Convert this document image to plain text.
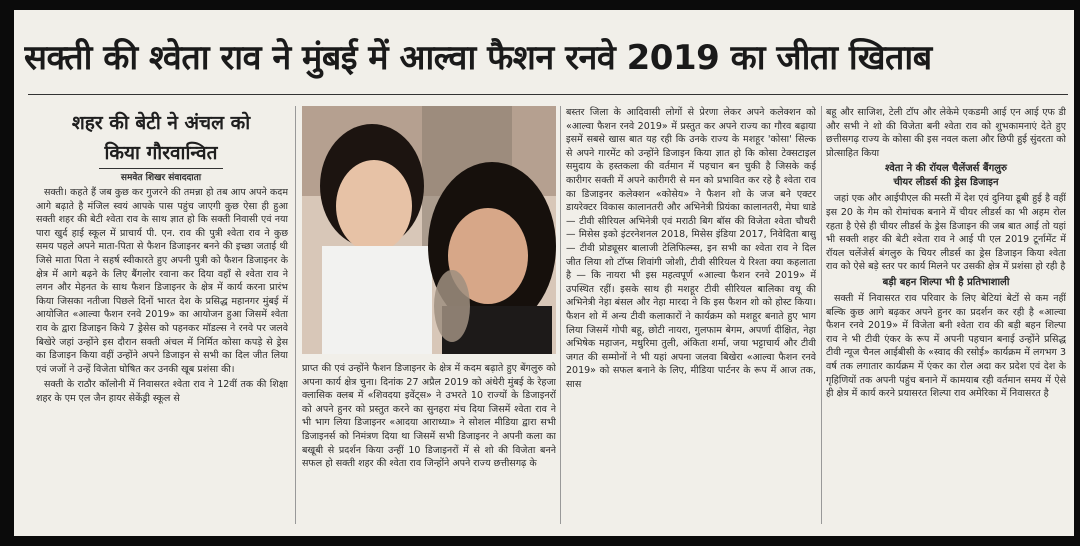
सक्ती की श्वेता राव ने मुंबई में आल्वा फैशन रनवे 2019 का जीता खिताब
शहर की बेटी ने अंचल को
किया गौरवान्वित
समवेत शिखर संवाददाता

सक्ती। कहते हैं जब कुछ कर गुजरने की तमन्ना हो तब आप अपने कदम आगे बढ़ाते है मंजिल स्वयं आपके पास पहुंच जाएगी कुछ ऐसा ही हुआ सक्ती शहर की बेटी श्वेता राव के साथ ज्ञात हो कि सक्ती निवासी एवं नया पारा खुर्द हाई स्कूल में प्राचार्य पी. एन. राव की पुत्री श्वेता राव ने कुछ समय पहले अपने माता-पिता से फैशन डिजाइनर बनने की इच्छा जताई थी जिसे माता पिता ने सहर्ष स्वीकारते हुए अपनी पुत्री को फैशन डिजाइनर के क्षेत्र में आगे बढ़ने के लिए बैंगलोर रवाना कर दिया वहाँ से श्वेता राव ने लगन और मेहनत के साथ फैशन डिजाइनर के क्षेत्र में कार्य करना प्रारंभ किया जिसका नतीजा पिछले दिनों भारत देश के प्रसिद्ध महानगर मुंबई में आयोजित «आल्वा फैशन रनवे 2019» का आयोजन हुआ जिसमें श्वेता राव के द्वारा डिजाइन किये 7 ड्रेसेस को पहनकर मॉडल्स ने रनवे पर जलवे बिखेरे जहां उन्होंने इस दौरान सक्ती अंचल में निर्मित कोसा कपड़े से ड्रेस का डिजाइन किया वहीं उन्होंने अपने डिजाइन से सभी का दिल जीत लिया एवं जजों ने उन्हें विजेता घोषित कर उनकी खूब प्रशंसा की।

सक्ती के राठौर कॉलोनी में निवासरत श्वेता राव ने 12वीं तक की शिक्षा शहर के एम एल जैन हायर सेकेंड्री स्कूल से

प्राप्त की एवं उन्होंने फैशन डिजाइनर के क्षेत्र में कदम बढ़ाते हुए बेंगलुरु को अपना कार्य क्षेत्र चुना। दिनांक 27 अप्रैल 2019 को अंधेरी मुंबई के रेहजा क्लासिक क्लब में «शिवदया इवेंट्स» ने उभरते 10 राज्यों के डिजाइनरों को अपने हुनर को प्रस्तुत करने का सुनहरा मंच दिया जिसमें श्वेता राव ने भी भाग लिया डिजाइनर «आदया आराध्या» ने सोशल मीडिया द्वारा सभी डिजाइनर्स को निमंत्रण दिया था जिसमें सभी डिजाइनर ने अपनी कला का बखूबी से प्रदर्शन किया उन्हीं 10 डिजाइनरों में से शो की विजेता बनने सफल हो सक्ती शहर की श्वेता राव जिन्होंने अपने राज्य छत्तीसगढ़ के

बस्तर जिला के आदिवासी लोगों से प्रेरणा लेकर अपने कलेक्शन को «आल्वा फैशन रनवे 2019» में प्रस्तुत कर अपने राज्य का गौरव बढ़ाया इसमें सबसे खास बात यह रही कि उनके राज्य के मशहूर 'कोसा' सिल्क से अपने गारमेंट को उन्होंने डिजाइन किया ज्ञात हो कि कोसा टेक्सटाइल समुदाय के हस्तकला की वर्तमान में पहचान बन चुकी है जिसके कई कारीगर सक्ती में अपने कारीगरी से मन को प्रभावित कर रहे है श्वेता राव का डिजाइनर कलेक्शन «कोसेय» ने फैशन शो के जज बने एक्टर डायरेक्टर विकास कालानतरी और अभिनेत्री प्रियंका कालानतरी, मेघा धाडे — टीवी सीरियल अभिनेत्री एवं मराठी बिग बॉस की विजेता श्वेता चौधरी — मिसेस इको इंटरनेशनल 2018, मिसेस इंडिया 2017, निवेदिता बासु — टीवी प्रोड्यूसर बालाजी टेलिफिल्म्स, इन सभी का श्वेता राव ने दिल जीत लिया शो टॉप्स शिवांगी जोशी, टीवी सीरियल ये रिश्ता क्या कहलाता है — कि नायरा भी इस महत्वपूर्ण «आल्वा फैशन रनवे 2019» में उपस्थित रहीं। इसके साथ ही मशहूर टीवी सीरियल बालिका वधू की अभिनेत्री नेहा बंसल और नेहा मारदा ने कि इस फैशन शो को होस्ट किया। फैशन शो में अन्य टीवी कलाकारों ने कार्यक्रम को मशहूर बनाते हुए भाग लिया जिसमें गोपी बहू, छोटी नायरा, गुलफाम बेगम, अपर्णा दीक्षित, नेहा अभिषेक महाजन, मधुरिमा तुली, अंकिता शर्मा, जया भट्टाचार्य और टीवी जगत की सम्मोनों ने भी यहां अपना जलवा बिखेरा «आल्वा फैशन रनवे 2019» को सफल बनाने के लिए, मीडिया पार्टनर के रूप में आज तक, सास

बहू और साजिश, टेली टॉप और लेकेमे एकडमी आई एन आई एफ डी और सभी ने शो की विजेता बनी श्वेता राव को शुभकामनाएं देते हुए छत्तीसगढ़ राज्य के कोसा की इस नवल कला और छिपी हुई सुंदरता को प्रोत्साहित किया

श्वेता ने की रॉयल चैलेंजर्स बैंगलुरु
चीयर लीडर्स की ड्रेस डिजाइन

जहां एक और आईपीएल की मस्ती में देश एवं दुनिया डूबी हुई है वहीं इस 20 के गेम को रोमांचक बनाने में चीयर लीडर्स का भी अहम रोल रहता है ऐसे ही चीयर लीडर्स के ड्रेस डिजाइन की जब बात आई तो यहां भी सक्ती शहर की बेटी श्वेता राव ने आई पी एल 2019 टूर्नामेंट में रॉयल चलेंजेर्स बंगलुरु के चियर लीडर्स का ड्रेस डिजाइन किया श्वेता राव को ऐसे बड़े स्तर पर कार्य मिलने पर उसकी क्षेत्र में प्रशंसा हो रही है

बड़ी बहन शिल्पा भी है प्रतिभाशाली

सक्ती में निवासरत राव परिवार के लिए बेटियां बेटों से कम नहीं बल्कि कुछ आगे बढ़कर अपने हुनर का प्रदर्शन कर रही है «आल्वा फैशन रनवे 2019» में विजेता बनी श्वेता राव की बड़ी बहन शिल्पा राव ने भी टीवी एंकर के रूप में अपनी पहचान बनाई उन्होंने प्रसिद्ध टीवी न्यूज चैनल आईबीसी के «स्वाद की रसोई» कार्यक्रम में लगभग 3 वर्ष तक लगातार कार्यक्रम में एंकर का रोल अदा कर प्रदेश एवं देश के गृहिणियों तक अपनी पहुंच बनाने में कामयाब रही वर्तमान समय में ऐसे ही क्षेत्र में कार्य करने प्रयासरत शिल्पा राव अमेरिका में निवासरत है
